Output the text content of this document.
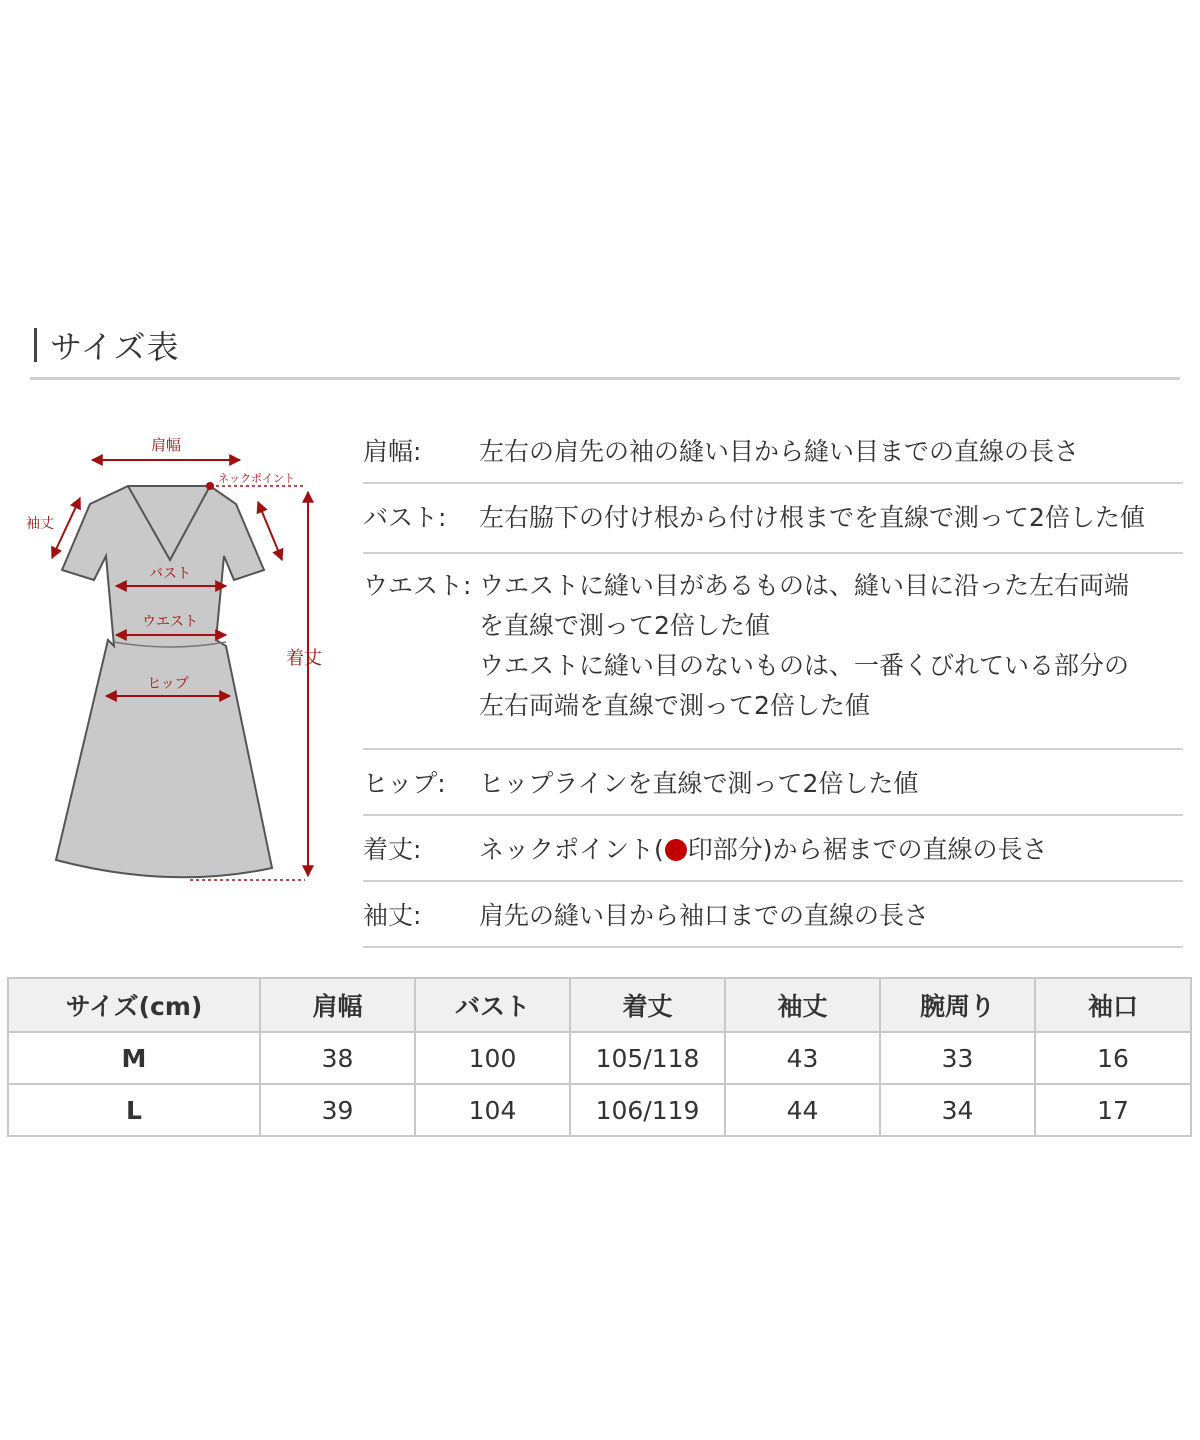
サイズ表
肩幅
ネックポイント
袖丈
バスト
ウエスト
ヒップ
着丈
肩幅:	左右の肩先の袖の縫い目から縫い目までの直線の長さ
バスト:	左右脇下の付け根から付け根までを直線で測って2倍した値
ウエスト: ウエストに縫い目があるものは、縫い目に沿った左右両端
を直線で測って2倍した値
ウエストに縫い目のないものは、一番くびれている部分の
左右両端を直線で測って2倍した値
ヒップ:	ヒップラインを直線で測って2倍した値
着丈:	ネックポイント( 印部分)から裾までの直線の長さ
袖丈:	肩先の縫い目から袖口までの直線の長さ
サイズ(cm)	肩幅	バスト	着丈	袖丈	腕周り	袖口
M	38	100	105/118	43	33	16
L	39	104	106/119	44	34	17
